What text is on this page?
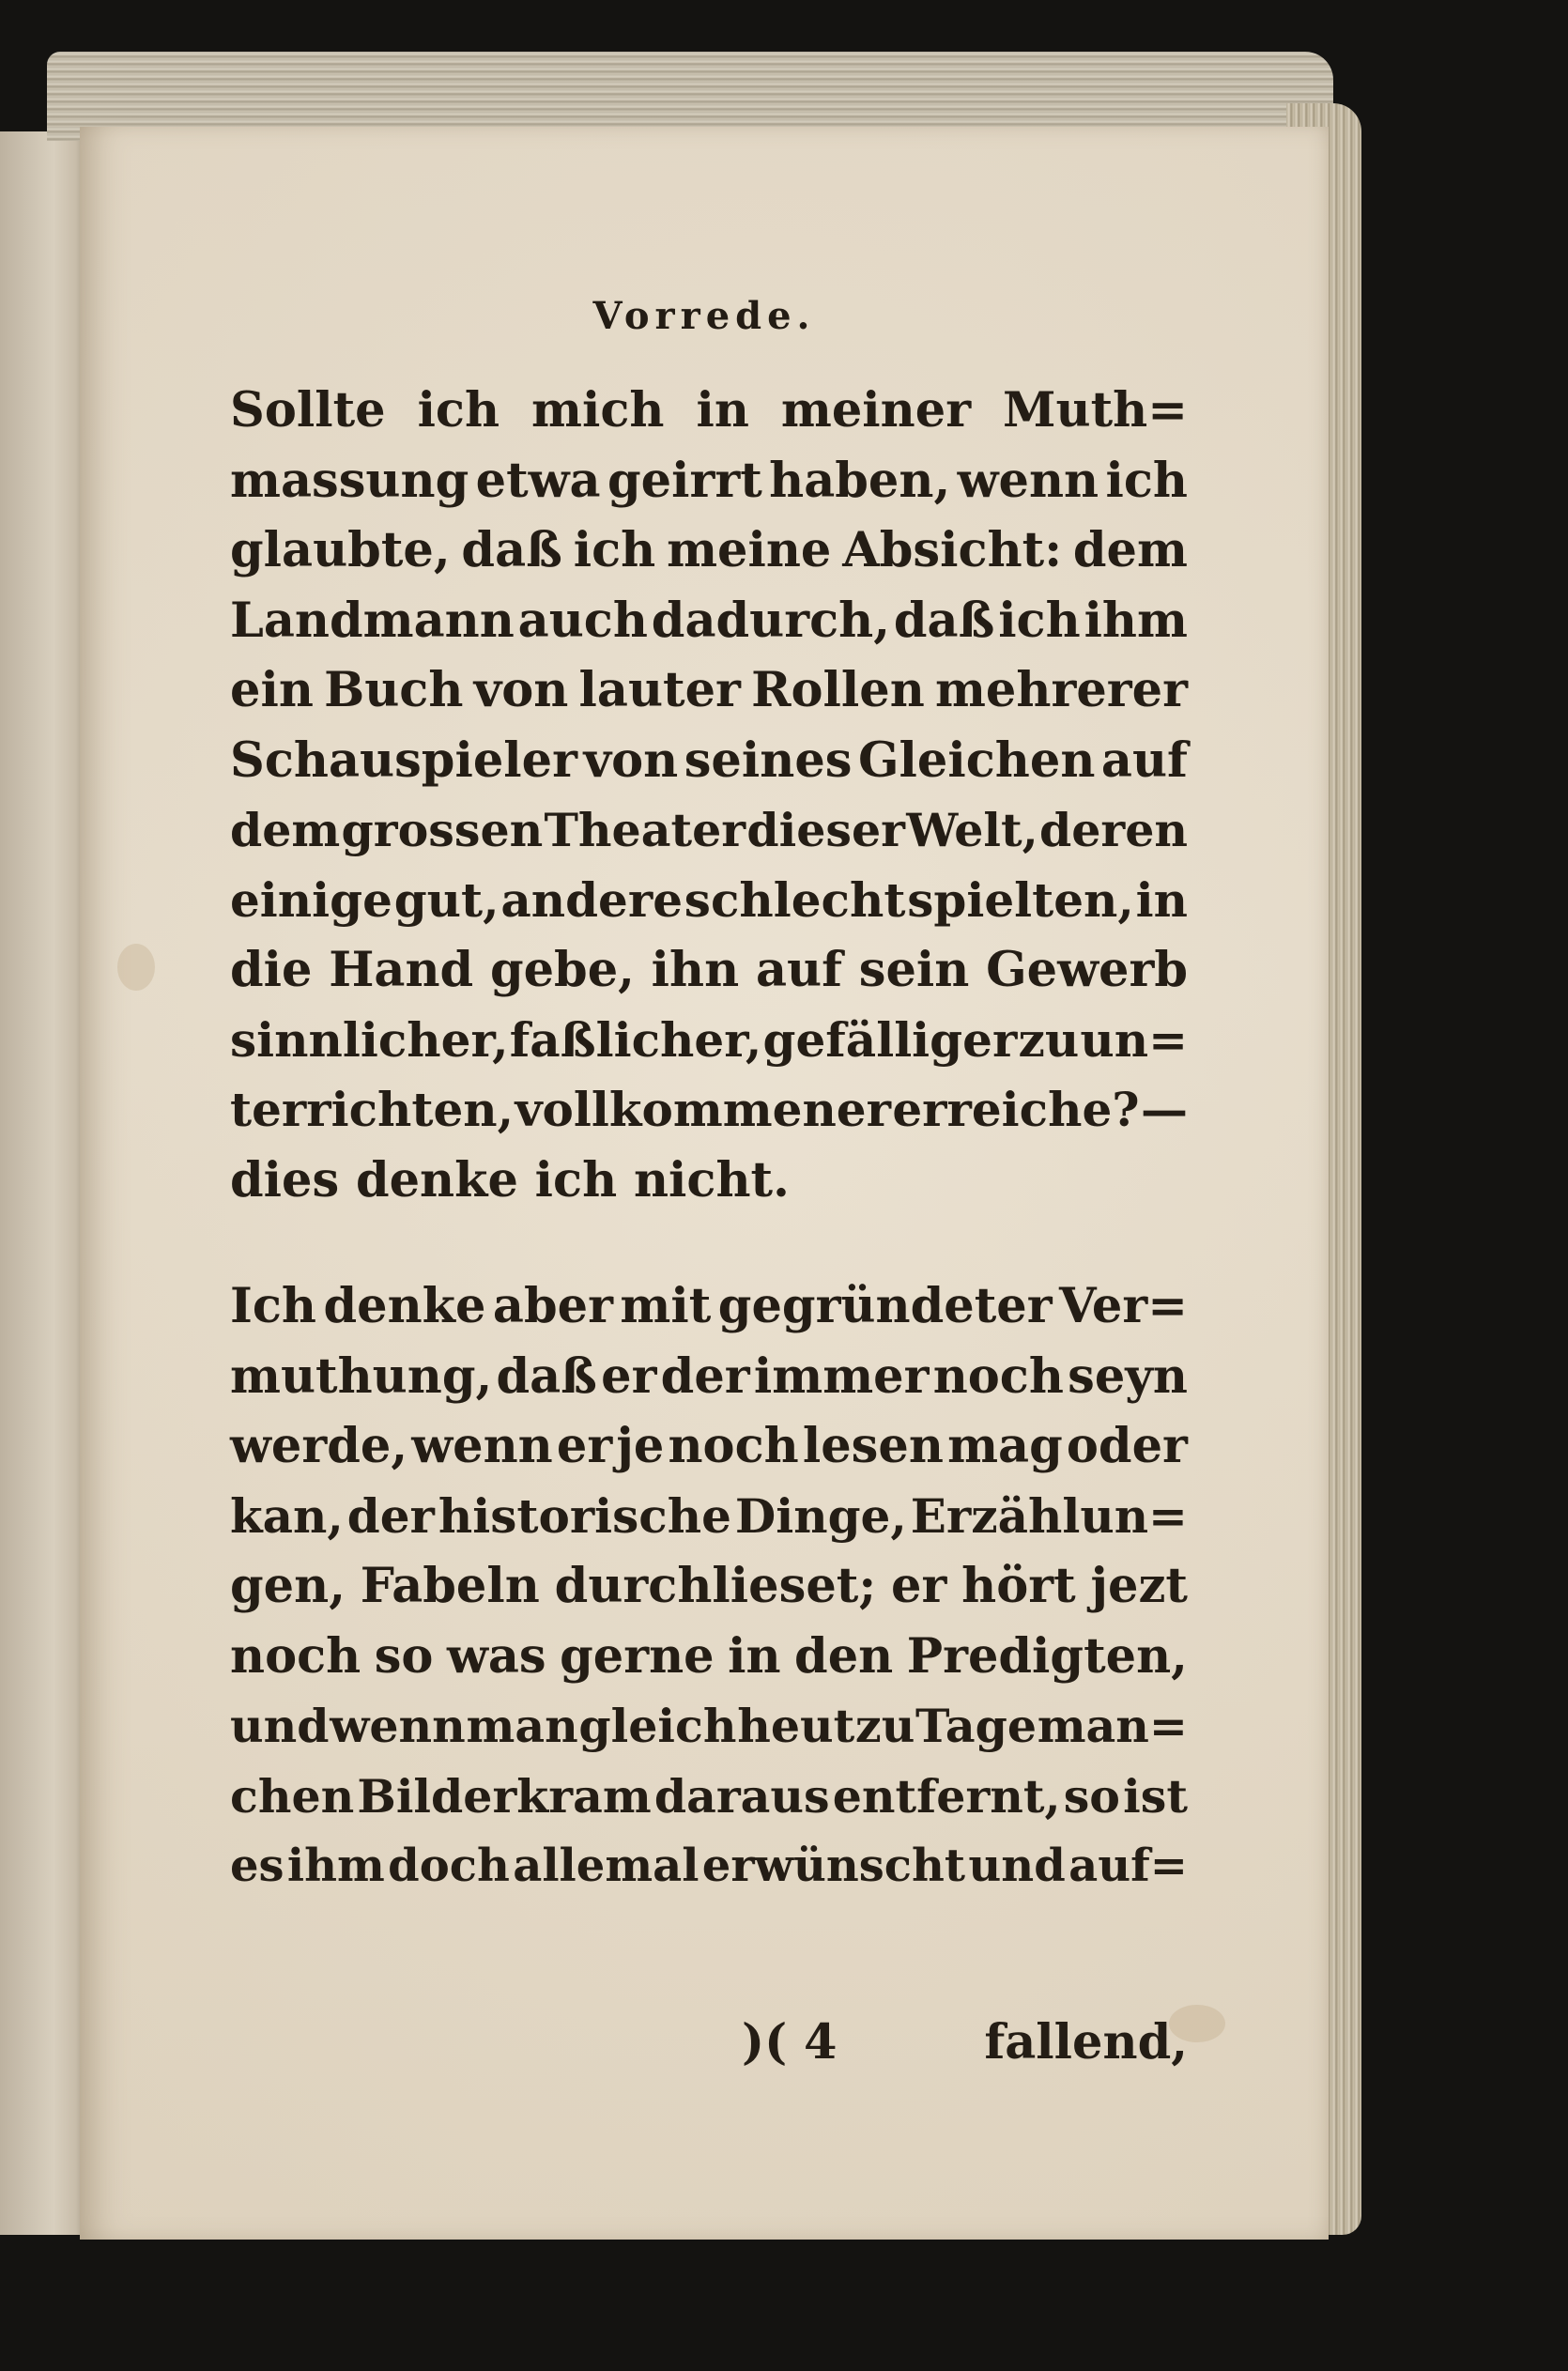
Vorrede.
Sollte ich mich in meiner Muth=
massung etwa geirrt haben, wenn ich
glaubte, daß ich meine Absicht: dem
Landmann auch dadurch, daß ich ihm
ein Buch von lauter Rollen mehrerer
Schauspieler von seines Gleichen auf
dem grossen Theater dieser Welt, deren
einige gut, andere schlecht spielten, in
die Hand gebe, ihn auf sein Gewerb
sinnlicher, faßlicher, gefälliger zu un=
terrichten, vollkommener erreiche? —
dies denke ich nicht.
Ich denke aber mit gegründeter Ver=
muthung, daß er der immer noch seyn
werde, wenn er je noch lesen mag oder
kan, der historische Dinge, Erzählun=
gen, Fabeln durchlieset; er hört jezt
noch so was gerne in den Predigten,
und wenn man gleich heut zu Tage man=
chen Bilderkram daraus entfernt, so ist
es ihm doch allemal erwünscht und auf=
)( 4	fallend,
